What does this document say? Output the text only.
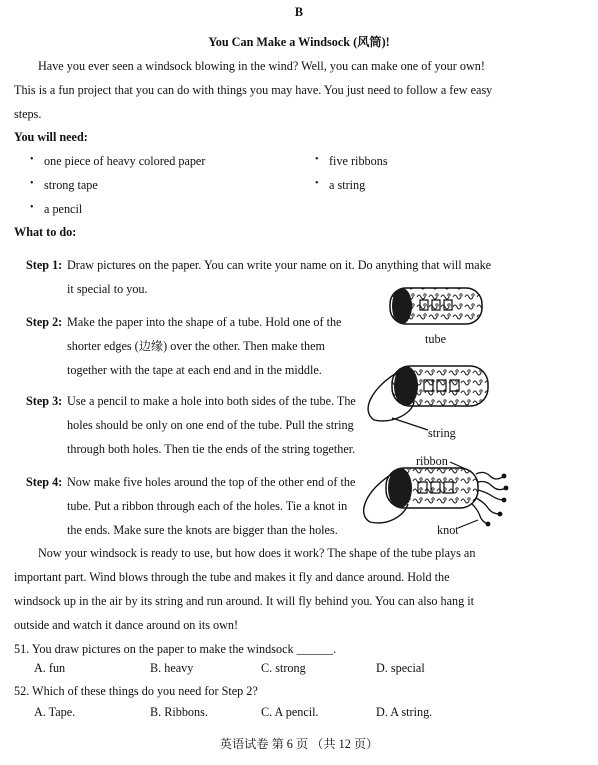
B
You Can Make a Windsock (风筒)!
Have you ever seen a windsock blowing in the wind? Well, you can make one of your own!
This is a fun project that you can do with things you may have. You just need to follow a few easy
steps.
You will need:
• one piece of heavy colored paper
• strong tape
• a pencil
• five ribbons
• a string
What to do:
Step 1: Draw pictures on the paper. You can write your name on it. Do anything that will make
it special to you.
Step 2: Make the paper into the shape of a tube. Hold one of the
shorter edges (边缘) over the other. Then make them
together with the tape at each end and in the middle.
Step 3: Use a pencil to make a hole into both sides of the tube. The
holes should be only on one end of the tube. Pull the string
through both holes. Then tie the ends of the string together.
Step 4: Now make five holes around the top of the other end of the
tube. Put a ribbon through each of the holes. Tie a knot in
the ends. Make sure the knots are bigger than the holes.
tube
string
ribbon
knot
Now your windsock is ready to use, but how does it work? The shape of the tube plays an
important part. Wind blows through the tube and makes it fly and dance around. Hold the
windsock up in the air by its string and run around. It will fly behind you. You can also hang it
outside and watch it dance around on its own!
51. You draw pictures on the paper to make the windsock ______.
A. fun	B. heavy	C. strong	D. special
52. Which of these things do you need for Step 2?
A. Tape.	B. Ribbons.	C. A pencil.	D. A string.
英语试卷 第 6 页 （共 12 页）
